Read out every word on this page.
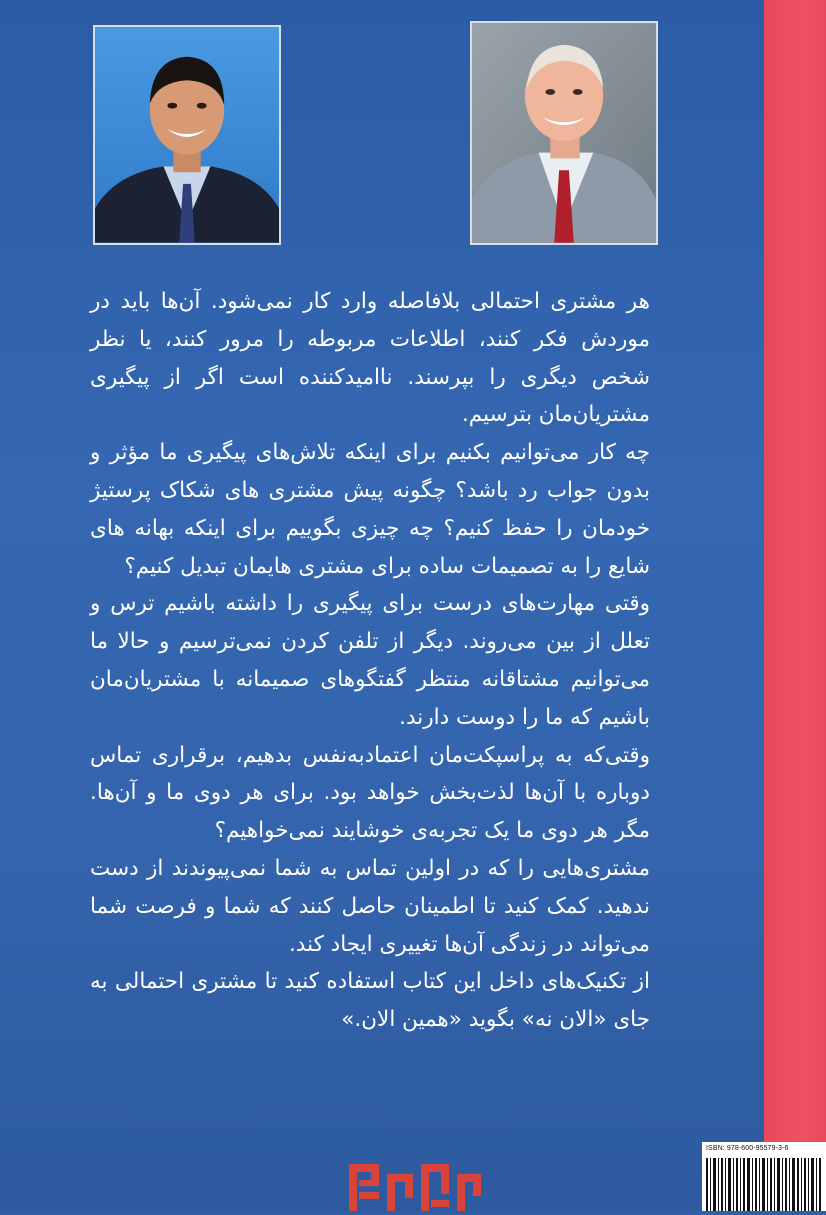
هر مشتری احتمالی بلافاصله وارد کار نمی‌شود. آن‌ها باید در موردش فکر کنند، اطلاعات مربوطه را مرور کنند، یا نظر شخص دیگری را بپرسند. ناامیدکننده است اگر از پیگیری مشتریان‌مان بترسیم.

چه کار می‌توانیم بکنیم برای اینکه تلاش‌های پیگیری ما مؤثر و بدون جواب رد باشد؟ چگونه پیش مشتری های شکاک پرستیژ خودمان را حفظ کنیم؟ چه چیزی بگوییم برای اینکه بهانه های شایع را به تصمیمات ساده برای مشتری هایمان تبدیل کنیم؟

وقتی مهارت‌های درست برای پیگیری را داشته باشیم ترس و تعلل از بین می‌روند. دیگر از تلفن کردن نمی‌ترسیم و حالا ما می‌توانیم مشتاقانه منتظر گفتگوهای صمیمانه با مشتریان‌مان باشیم که ما را دوست دارند.

وقتی‌که به پراسپکت‌مان اعتمادبه‌نفس بدهیم، برقراری تماس دوباره با آن‌ها لذت‌بخش خواهد بود. برای هر دوی ما و آن‌ها. مگر هر دوی ما یک تجربه‌ی خوشایند نمی‌خواهیم؟

مشتری‌هایی را که در اولین تماس به شما نمی‌پیوندند از دست ندهید. کمک کنید تا اطمینان حاصل کنند که شما و فرصت شما می‌تواند در زندگی آن‌ها تغییری ایجاد کند.

از تکنیک‌های داخل این کتاب استفاده کنید تا مشتری احتمالی به جای «الان نه» بگوید «همین الان.»

ISBN: 978-600-95579-3-6
